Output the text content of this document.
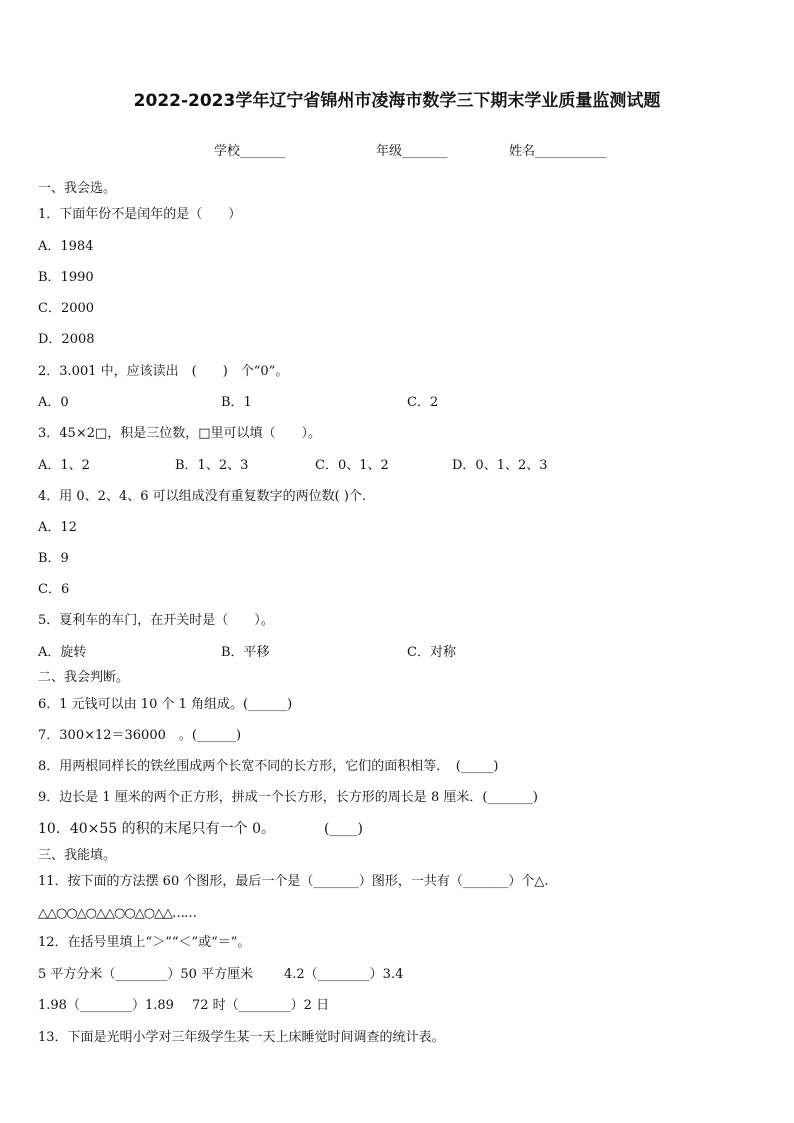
2022-2023学年辽宁省锦州市凌海市数学三下期末学业质量监测试题
学校_______	年级_______	姓名___________
一、我会选。
1．下面年份不是闰年的是（　　）
A．1984
B．1990
C．2000
D．2008
2．3.001 中，应该读出　(　　)　个“0”。
A．0	B．1	C．2
3．45×2□，积是三位数，□里可以填（　　）。
A．1、2	B．1、2、3	C．0、1、2	D．0、1、2、3
4．用 0、2、4、6 可以组成没有重复数字的两位数( )个.
A．12
B．9
C．6
5．夏利车的车门，在开关时是（　　）。
A．旋转	B．平移	C．对称
二、我会判断。
6．1 元钱可以由 10 个 1 角组成。(______)
7．300×12＝36000　。(______)
8．用两根同样长的铁丝围成两个长宽不同的长方形，它们的面积相等．　(_____)
9．边长是 1 厘米的两个正方形，拼成一个长方形，长方形的周长是 8 厘米．(_______)
10．40×55 的积的末尾只有一个 0。　　　　(____)
三、我能填。
11．按下面的方法摆 60 个图形，最后一个是（_______）图形，一共有（_______）个△.
△△○○△○△△○○△○△△……
12．在括号里填上“＞”“＜”或“＝”。
5 平方分米（________）50 平方厘米 4.2（________）3.4
1.98（________）1.89 72 时（________）2 日
13．下面是光明小学对三年级学生某一天上床睡觉时间调查的统计表。
